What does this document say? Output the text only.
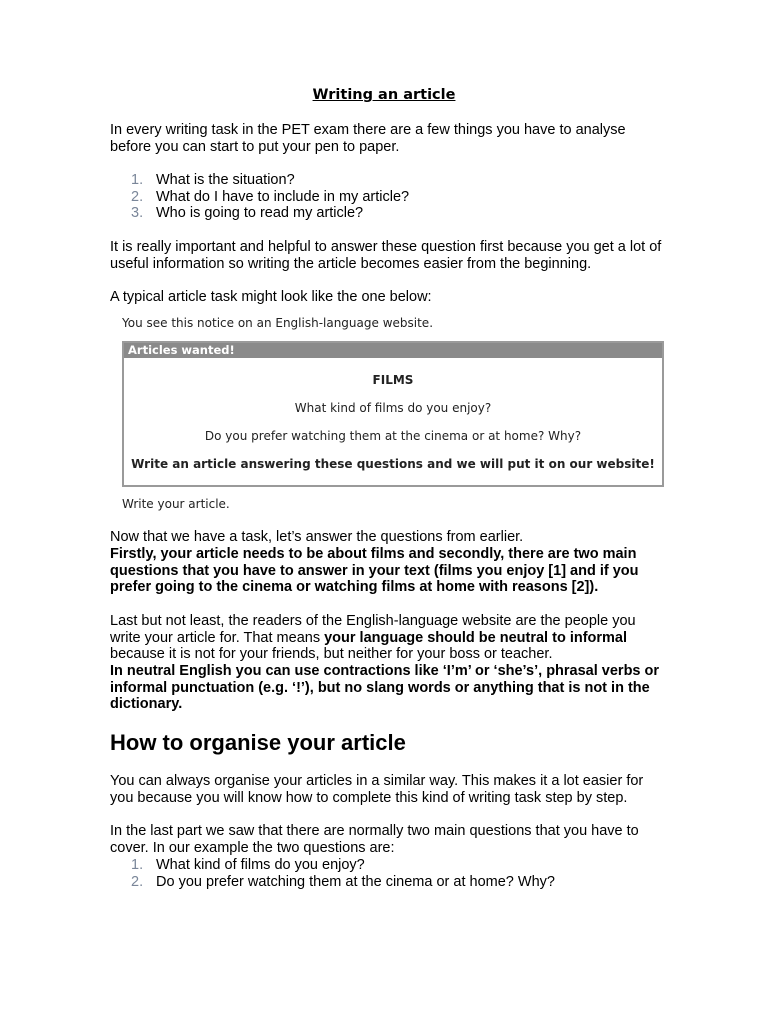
Writing an article
In every writing task in the PET exam there are a few things you have to analyse before you can start to put your pen to paper.
1. What is the situation?
2. What do I have to include in my article?
3. Who is going to read my article?
It is really important and helpful to answer these question first because you get a lot of useful information so writing the article becomes easier from the beginning.
A typical article task might look like the one below:
You see this notice on an English-language website.
Articles wanted!
FILMS
What kind of films do you enjoy?
Do you prefer watching them at the cinema or at home? Why?
Write an article answering these questions and we will put it on our website!
Write your article.
Now that we have a task, let’s answer the questions from earlier.
Firstly, your article needs to be about films and secondly, there are two main questions that you have to answer in your text (films you enjoy [1] and if you prefer going to the cinema or watching films at home with reasons [2]).
Last but not least, the readers of the English-language website are the people you write your article for. That means your language should be neutral to informal because it is not for your friends, but neither for your boss or teacher.
In neutral English you can use contractions like ‘I’m’ or ‘she’s’, phrasal verbs or informal punctuation (e.g. ‘!’), but no slang words or anything that is not in the dictionary.
How to organise your article
You can always organise your articles in a similar way. This makes it a lot easier for you because you will know how to complete this kind of writing task step by step.
In the last part we saw that there are normally two main questions that you have to cover. In our example the two questions are:
1. What kind of films do you enjoy?
2. Do you prefer watching them at the cinema or at home? Why?
